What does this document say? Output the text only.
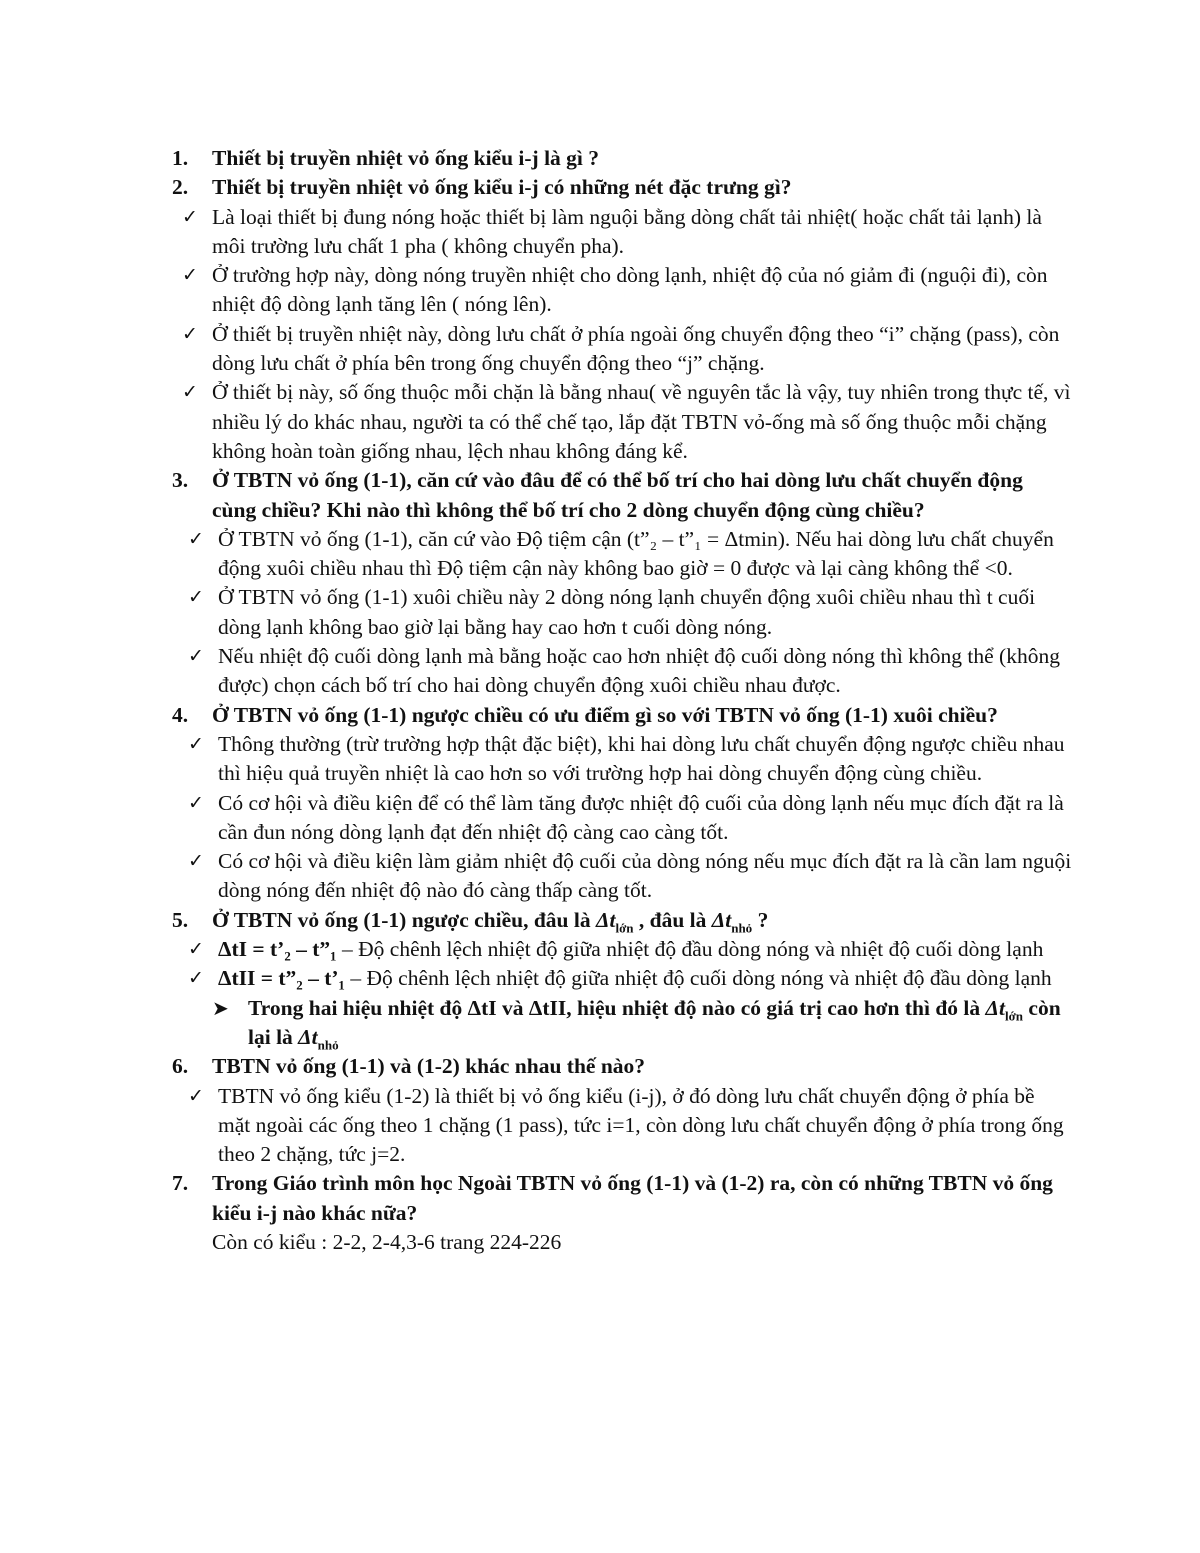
1.	Thiết bị truyền nhiệt vỏ ống kiểu i-j là gì ?
2.	Thiết bị truyền nhiệt vỏ ống kiểu i-j có những nét đặc trưng gì?
✓ Là loại thiết bị đung nóng hoặc thiết bị làm nguội bằng dòng chất tải nhiệt( hoặc chất tải lạnh) là môi trường lưu chất 1 pha ( không chuyển pha).
✓ Ở trường hợp này, dòng nóng truyền nhiệt cho dòng lạnh, nhiệt độ của nó giảm đi (nguội đi), còn nhiệt độ dòng lạnh tăng lên ( nóng lên).
✓ Ở thiết bị truyền nhiệt này, dòng lưu chất ở phía ngoài ống chuyển động theo “i” chặng (pass), còn dòng lưu chất ở phía bên trong ống chuyển động theo “j” chặng.
✓ Ở thiết bị này, số ống thuộc mỗi chặn là bằng nhau( về nguyên tắc là vậy, tuy nhiên trong thực tế, vì nhiều lý do khác nhau, người ta có thể chế tạo, lắp đặt TBTN vỏ-ống mà số ống thuộc mỗi chặng không hoàn toàn giống nhau, lệch nhau không đáng kể.
3.	Ở TBTN vỏ ống (1-1), căn cứ vào đâu để có thể bố trí cho hai dòng lưu chất chuyển động cùng chiều? Khi nào thì không thể bố trí cho 2 dòng chuyển động cùng chiều?
✓ Ở TBTN vỏ ống (1-1), căn cứ vào Độ tiệm cận (t”₂ – t”₁ = Δtmin). Nếu hai dòng lưu chất chuyển động xuôi chiều nhau thì Độ tiệm cận này không bao giờ = 0 được và lại càng không thể <0.
✓ Ở TBTN vỏ ống (1-1) xuôi chiều này 2 dòng nóng lạnh chuyển động xuôi chiều nhau thì t cuối dòng lạnh không bao giờ lại bằng hay cao hơn t cuối dòng nóng.
✓ Nếu nhiệt độ cuối dòng lạnh mà bằng hoặc cao hơn nhiệt độ cuối dòng nóng thì không thể (không được) chọn cách bố trí cho hai dòng chuyển động xuôi chiều nhau được.
4.	Ở TBTN vỏ ống (1-1) ngược chiều có ưu điểm gì so với TBTN vỏ ống (1-1) xuôi chiều?
✓ Thông thường (trừ trường hợp thật đặc biệt), khi hai dòng lưu chất chuyển động ngược chiều nhau thì hiệu quả truyền nhiệt là cao hơn so với trường hợp hai dòng chuyển động cùng chiều.
✓ Có cơ hội và điều kiện để có thể làm tăng được nhiệt độ cuối của dòng lạnh nếu mục đích đặt ra là cần đun nóng dòng lạnh đạt đến nhiệt độ càng cao càng tốt.
✓ Có cơ hội và điều kiện làm giảm nhiệt độ cuối của dòng nóng nếu mục đích đặt ra là cần lam nguội dòng nóng đến nhiệt độ nào đó càng thấp càng tốt.
5.	Ở TBTN vỏ ống (1-1) ngược chiều, đâu là $\Delta t_{lớn}$ , đâu là $\Delta t_{nhỏ}$ ?
✓ ΔtI = t’₂ – t”₁ – Độ chênh lệch nhiệt độ giữa nhiệt độ đầu dòng nóng và nhiệt độ cuối dòng lạnh
✓ ΔtII = t”₂ – t’₁ – Độ chênh lệch nhiệt độ giữa nhiệt độ cuối dòng nóng và nhiệt độ đầu dòng lạnh
➤ Trong hai hiệu nhiệt độ ΔtI và ΔtII, hiệu nhiệt độ nào có giá trị cao hơn thì đó là $\Delta t_{lớn}$ còn lại là $\Delta t_{nhỏ}$
6.	TBTN vỏ ống (1-1) và (1-2) khác nhau thế nào?
✓ TBTN vỏ ống kiểu (1-2) là thiết bị vỏ ống kiểu (i-j), ở đó dòng lưu chất chuyển động ở phía bề mặt ngoài các ống theo 1 chặng (1 pass), tức i=1, còn dòng lưu chất chuyển động ở phía trong ống theo 2 chặng, tức j=2.
7.	Trong Giáo trình môn học Ngoài TBTN vỏ ống (1-1) và (1-2) ra, còn có những TBTN vỏ ống kiểu i-j nào khác nữa?
Còn có kiểu : 2-2, 2-4,3-6 trang 224-226
